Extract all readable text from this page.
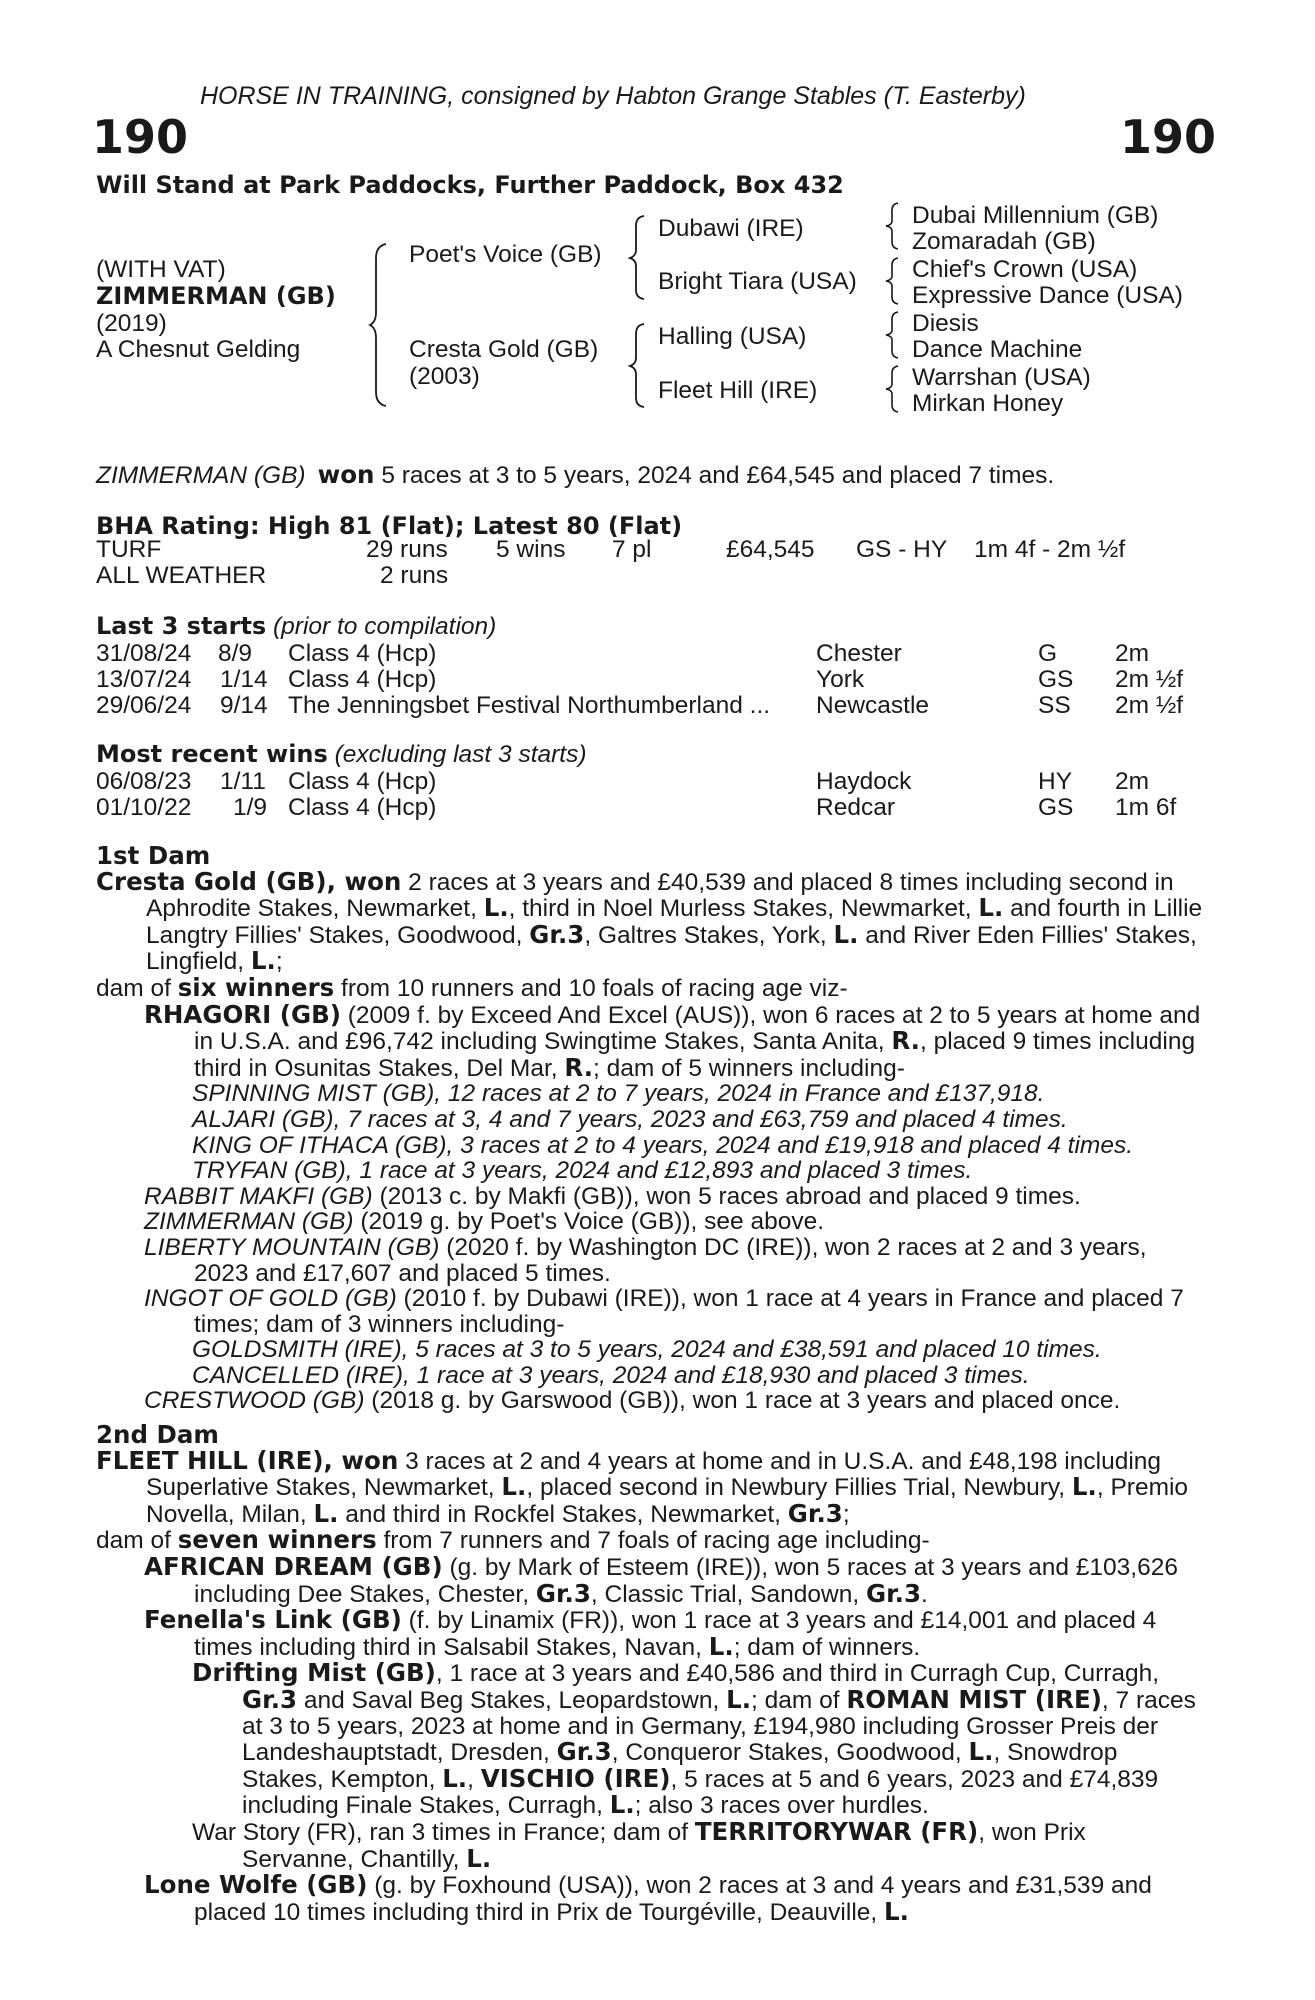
HORSE IN TRAINING, consigned by Habton Grange Stables (T. Easterby)
190	190
Will Stand at Park Paddocks, Further Paddock, Box 432
(WITH VAT)
ZIMMERMAN (GB)
(2019)
A Chesnut Gelding
Poet's Voice (GB)
Cresta Gold (GB)
(2003)
Dubawi (IRE)
Bright Tiara (USA)
Halling (USA)
Fleet Hill (IRE)
Dubai Millennium (GB)
Zomaradah (GB)
Chief's Crown (USA)
Expressive Dance (USA)
Diesis
Dance Machine
Warrshan (USA)
Mirkan Honey
ZIMMERMAN (GB) won 5 races at 3 to 5 years, 2024 and £64,545 and placed 7 times.
BHA Rating: High 81 (Flat); Latest 80 (Flat)
TURF	29 runs 5 wins 7 pl	£64,545 GS - HY 1m 4f - 2m ½f
ALL WEATHER	2 runs
Last 3 starts (prior to compilation)
31/08/24 8/9 Class 4 (Hcp)	Chester	G 2m
13/07/24 1/14 Class 4 (Hcp)	York	GS 2m ½f
29/06/24 9/14 The Jenningsbet Festival Northumberland ... Newcastle	SS 2m ½f
Most recent wins (excluding last 3 starts)
06/08/23 1/11 Class 4 (Hcp)	Haydock	HY 2m
01/10/22 1/9 Class 4 (Hcp)	Redcar	GS 1m 6f

1st Dam

Cresta Gold (GB), won 2 races at 3 years and £40,539 and placed 8 times including second in Aphrodite Stakes, Newmarket, L., third in Noel Murless Stakes, Newmarket, L. and fourth in Lillie Langtry Fillies' Stakes, Goodwood, Gr.3, Galtres Stakes, York, L. and River Eden Fillies' Stakes, Lingfield, L.;

dam of six winners from 10 runners and 10 foals of racing age viz-

RHAGORI (GB) (2009 f. by Exceed And Excel (AUS)), won 6 races at 2 to 5 years at home and in U.S.A. and £96,742 including Swingtime Stakes, Santa Anita, R., placed 9 times including third in Osunitas Stakes, Del Mar, R.; dam of 5 winners including-

SPINNING MIST (GB), 12 races at 2 to 7 years, 2024 in France and £137,918.

ALJARI (GB), 7 races at 3, 4 and 7 years, 2023 and £63,759 and placed 4 times.

KING OF ITHACA (GB), 3 races at 2 to 4 years, 2024 and £19,918 and placed 4 times.

TRYFAN (GB), 1 race at 3 years, 2024 and £12,893 and placed 3 times.

RABBIT MAKFI (GB) (2013 c. by Makfi (GB)), won 5 races abroad and placed 9 times.

ZIMMERMAN (GB) (2019 g. by Poet's Voice (GB)), see above.

LIBERTY MOUNTAIN (GB) (2020 f. by Washington DC (IRE)), won 2 races at 2 and 3 years, 2023 and £17,607 and placed 5 times.

INGOT OF GOLD (GB) (2010 f. by Dubawi (IRE)), won 1 race at 4 years in France and placed 7 times; dam of 3 winners including-

GOLDSMITH (IRE), 5 races at 3 to 5 years, 2024 and £38,591 and placed 10 times.

CANCELLED (IRE), 1 race at 3 years, 2024 and £18,930 and placed 3 times.

CRESTWOOD (GB) (2018 g. by Garswood (GB)), won 1 race at 3 years and placed once.

2nd Dam

FLEET HILL (IRE), won 3 races at 2 and 4 years at home and in U.S.A. and £48,198 including Superlative Stakes, Newmarket, L., placed second in Newbury Fillies Trial, Newbury, L., Premio Novella, Milan, L. and third in Rockfel Stakes, Newmarket, Gr.3;

dam of seven winners from 7 runners and 7 foals of racing age including-

AFRICAN DREAM (GB) (g. by Mark of Esteem (IRE)), won 5 races at 3 years and £103,626 including Dee Stakes, Chester, Gr.3, Classic Trial, Sandown, Gr.3.

Fenella's Link (GB) (f. by Linamix (FR)), won 1 race at 3 years and £14,001 and placed 4 times including third in Salsabil Stakes, Navan, L.; dam of winners.

Drifting Mist (GB), 1 race at 3 years and £40,586 and third in Curragh Cup, Curragh, Gr.3 and Saval Beg Stakes, Leopardstown, L.; dam of ROMAN MIST (IRE), 7 races at 3 to 5 years, 2023 at home and in Germany, £194,980 including Grosser Preis der Landeshauptstadt, Dresden, Gr.3, Conqueror Stakes, Goodwood, L., Snowdrop Stakes, Kempton, L., VISCHIO (IRE), 5 races at 5 and 6 years, 2023 and £74,839 including Finale Stakes, Curragh, L.; also 3 races over hurdles.

War Story (FR), ran 3 times in France; dam of TERRITORYWAR (FR), won Prix Servanne, Chantilly, L.

Lone Wolfe (GB) (g. by Foxhound (USA)), won 2 races at 3 and 4 years and £31,539 and placed 10 times including third in Prix de Tourgéville, Deauville, L.
